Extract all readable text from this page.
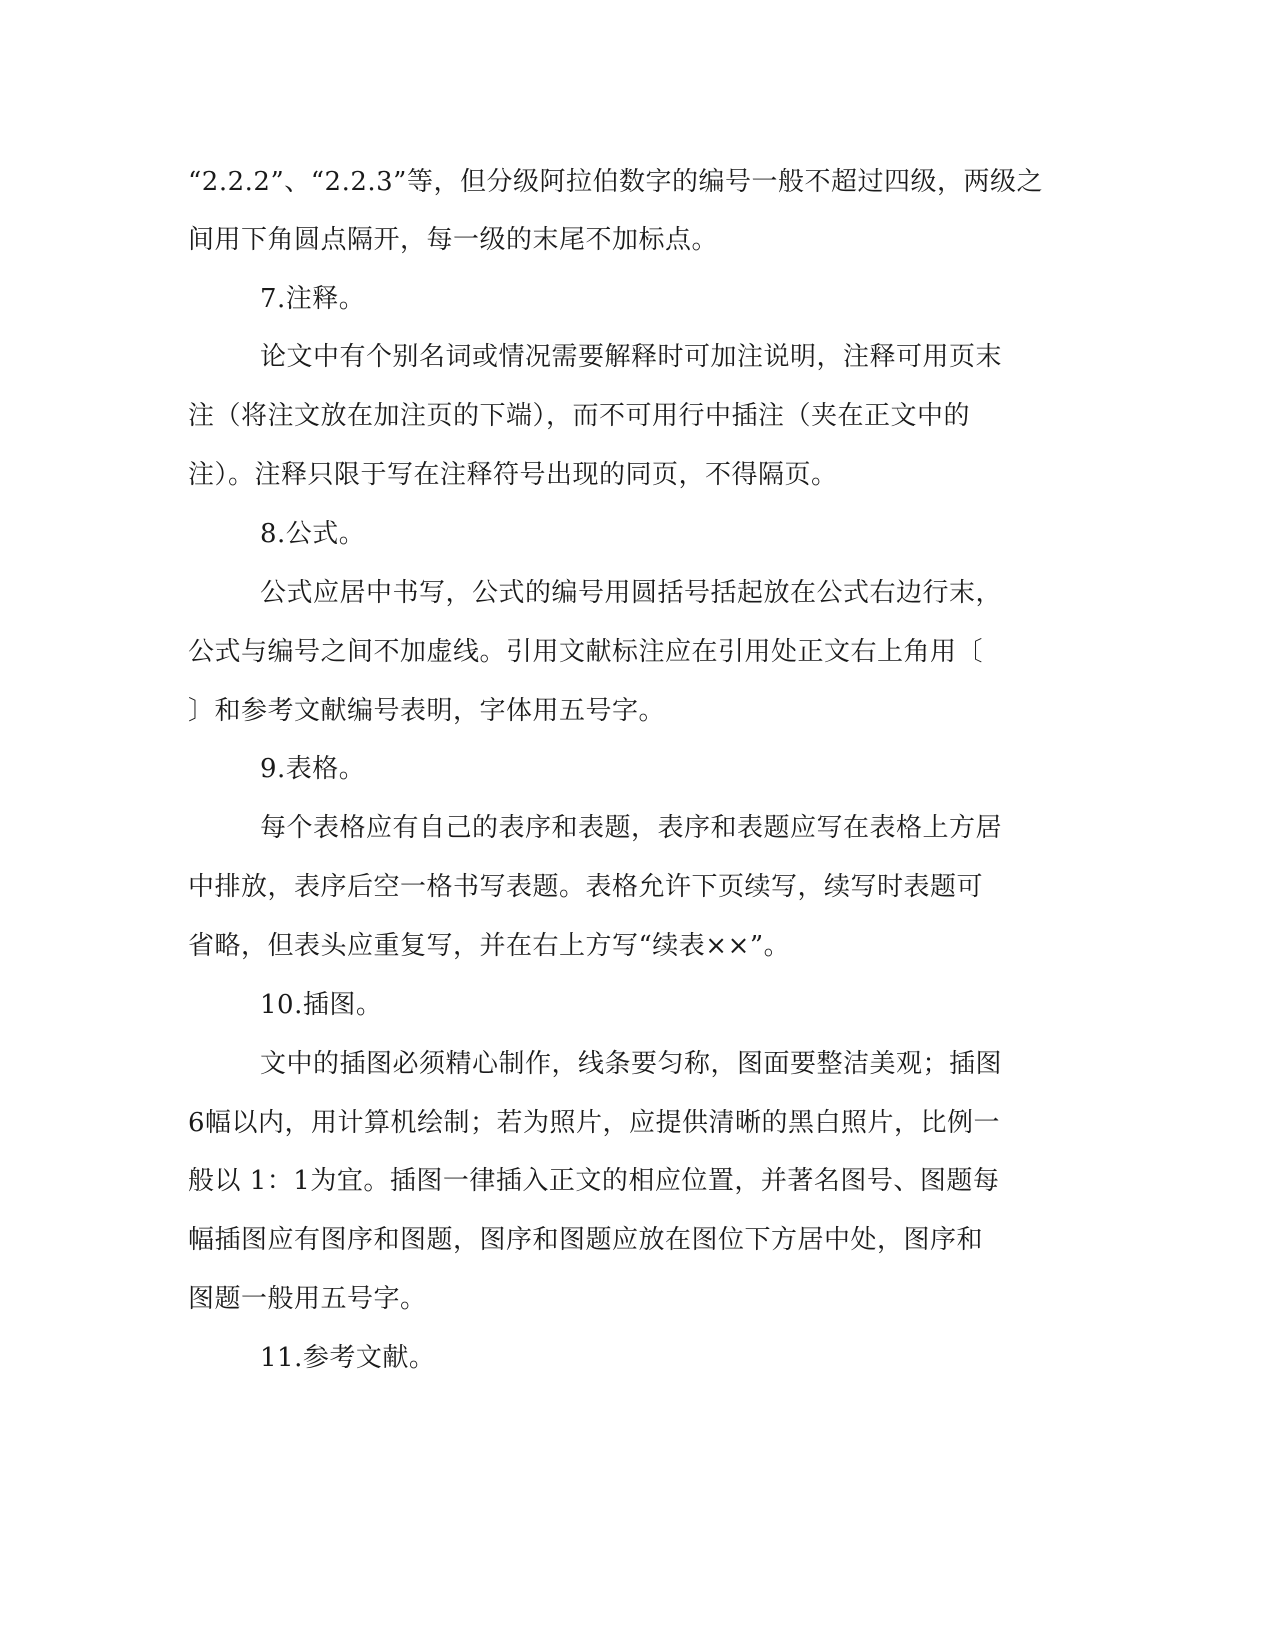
“2.2.2”、“2.2.3”等，但分级阿拉伯数字的编号一般不超过四级，两级之
间用下角圆点隔开，每一级的末尾不加标点。
7.注释。
论文中有个别名词或情况需要解释时可加注说明，注释可用页末
注（将注文放在加注页的下端），而不可用行中插注（夹在正文中的
注）。注释只限于写在注释符号出现的同页，不得隔页。
8.公式。
公式应居中书写，公式的编号用圆括号括起放在公式右边行末，
公式与编号之间不加虚线。引用文献标注应在引用处正文右上角用〔
〕和参考文献编号表明，字体用五号字。
9.表格。
每个表格应有自己的表序和表题，表序和表题应写在表格上方居
中排放，表序后空一格书写表题。表格允许下页续写，续写时表题可
省略，但表头应重复写，并在右上方写“续表××”。
10.插图。
文中的插图必须精心制作，线条要匀称，图面要整洁美观；插图
6幅以内，用计算机绘制；若为照片，应提供清晰的黑白照片，比例一
般以 1：1为宜。插图一律插入正文的相应位置，并著名图号、图题每
幅插图应有图序和图题，图序和图题应放在图位下方居中处，图序和
图题一般用五号字。
11.参考文献。
